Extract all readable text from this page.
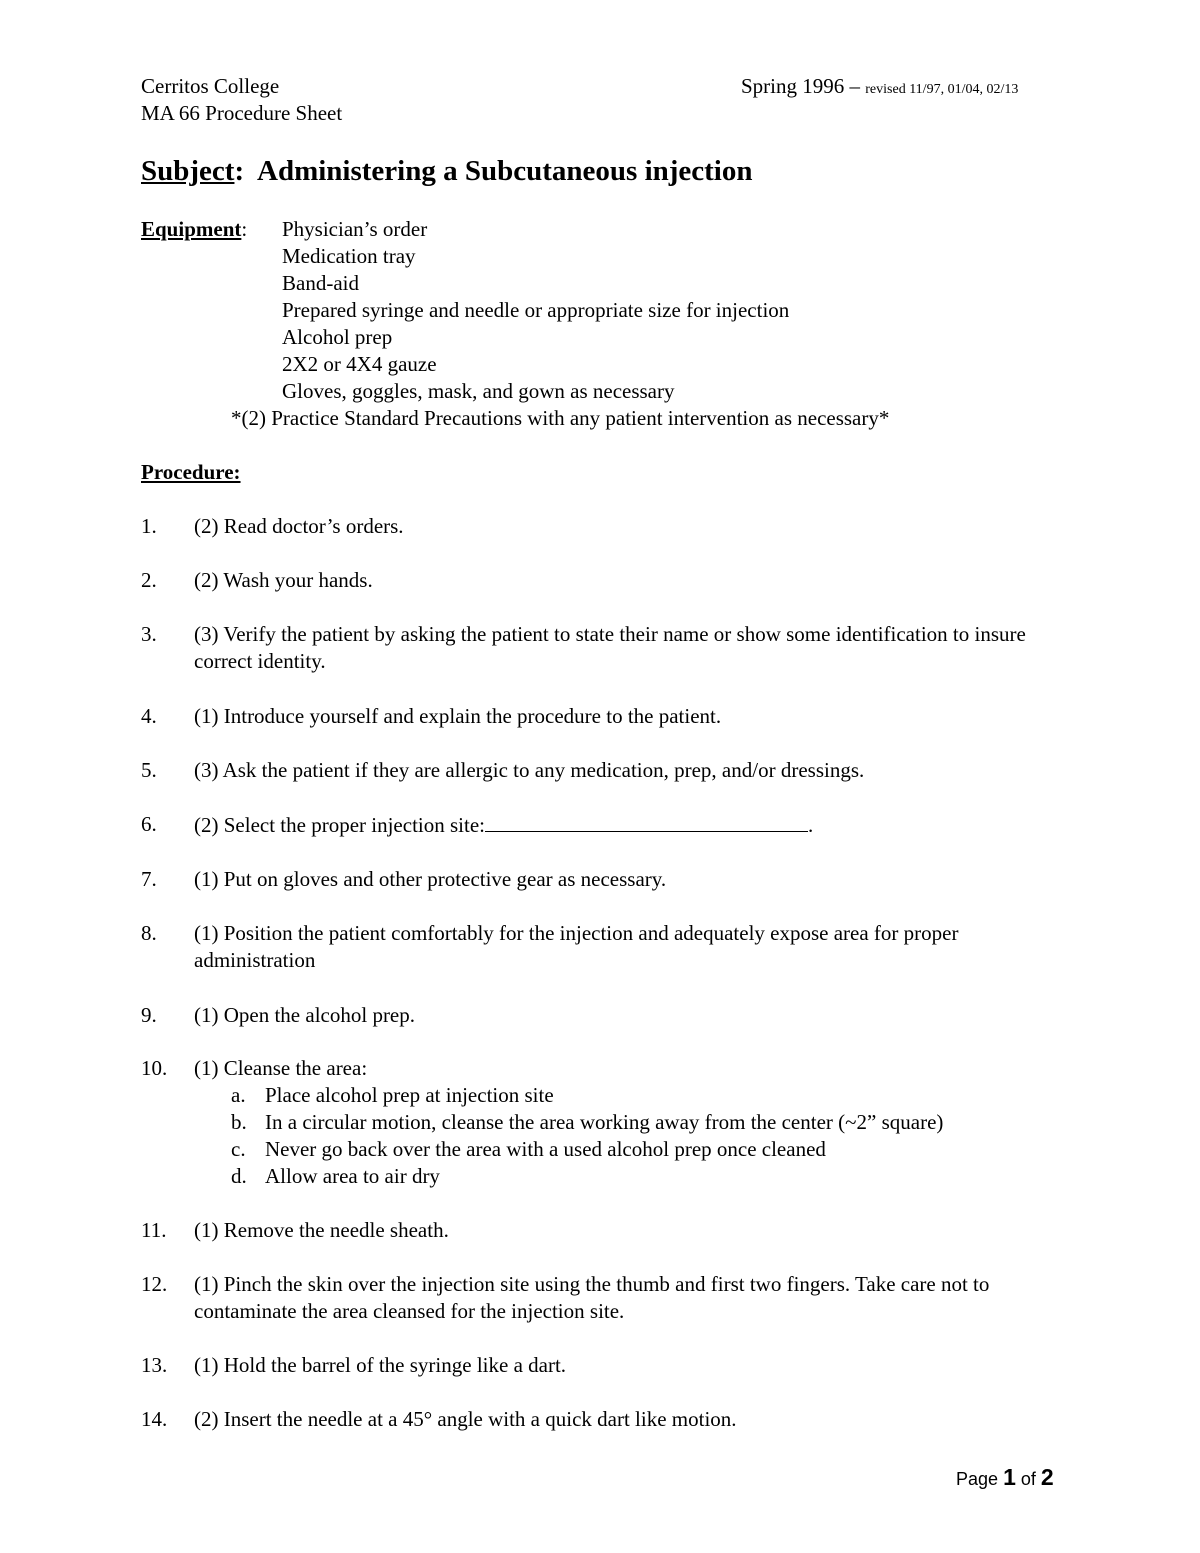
Cerritos College
MA 66 Procedure Sheet
Spring 1996 – revised 11/97, 01/04, 02/13
Subject:  Administering a Subcutaneous injection
Equipment: Physician’s order
Medication tray
Band-aid
Prepared syringe and needle or appropriate size for injection
Alcohol prep
2X2 or 4X4 gauze
Gloves, goggles, mask, and gown as necessary
*(2) Practice Standard Precautions with any patient intervention as necessary*
Procedure:
1. (2) Read doctor’s orders.
2. (2) Wash your hands.
3. (3) Verify the patient by asking the patient to state their name or show some identification to insure correct identity.
4. (1) Introduce yourself and explain the procedure to the patient.
5. (3) Ask the patient if they are allergic to any medication, prep, and/or dressings.
6. (2) Select the proper injection site:	.
7. (1) Put on gloves and other protective gear as necessary.
8. (1) Position the patient comfortably for the injection and adequately expose area for proper administration
9. (1) Open the alcohol prep.
10. (1) Cleanse the area:
a. Place alcohol prep at injection site
b. In a circular motion, cleanse the area working away from the center (~2” square)
c. Never go back over the area with a used alcohol prep once cleaned
d. Allow area to air dry
11. (1) Remove the needle sheath.
12. (1) Pinch the skin over the injection site using the thumb and first two fingers. Take care not to contaminate the area cleansed for the injection site.
13. (1) Hold the barrel of the syringe like a dart.
14. (2) Insert the needle at a 45° angle with a quick dart like motion.
Page 1 of 2
